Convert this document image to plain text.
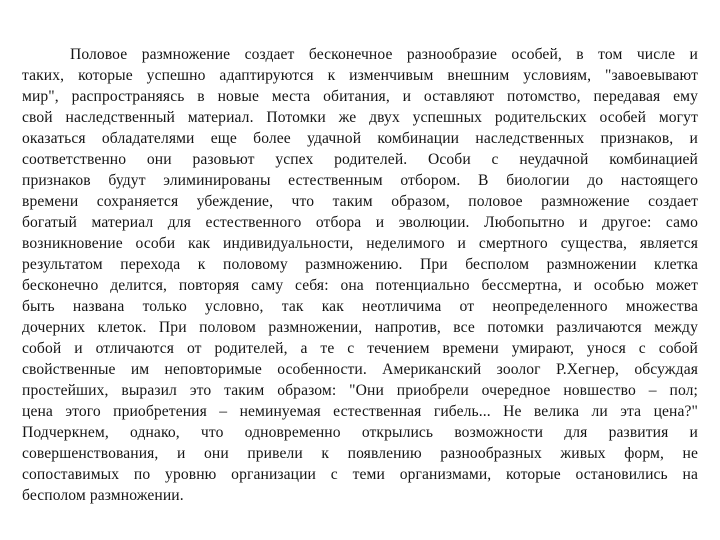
Половое размножение создает бесконечное разнообразие особей, в том числе и
таких, которые успешно адаптируются к изменчивым внешним условиям, "завоевывают
мир", распространяясь в новые места обитания, и оставляют потомство, передавая ему
свой наследственный материал. Потомки же двух успешных родительских особей могут
оказаться обладателями еще более удачной комбинации наследственных признаков, и
соответственно они разовьют успех родителей. Особи с неудачной комбинацией
признаков будут элиминированы естественным отбором. В биологии до настоящего
времени сохраняется убеждение, что таким образом, половое размножение создает
богатый материал для естественного отбора и эволюции. Любопытно и другое: само
возникновение особи как индивидуальности, неделимого и смертного существа, является
результатом перехода к половому размножению. При бесполом размножении клетка
бесконечно делится, повторяя саму себя: она потенциально бессмертна, и особью может
быть названа только условно, так как неотличима от неопределенного множества
дочерних клеток. При половом размножении, напротив, все потомки различаются между
собой и отличаются от родителей, а те с течением времени умирают, унося с собой
свойственные им неповторимые особенности. Американский зоолог Р.Хегнер, обсуждая
простейших, выразил это таким образом: "Они приобрели очередное новшество – пол;
цена этого приобретения – неминуемая естественная гибель... Не велика ли эта цена?"
Подчеркнем, однако, что одновременно открылись возможности для развития и
совершенствования, и они привели к появлению разнообразных живых форм, не
сопоставимых по уровню организации с теми организмами, которые остановились на
бесполом размножении.
